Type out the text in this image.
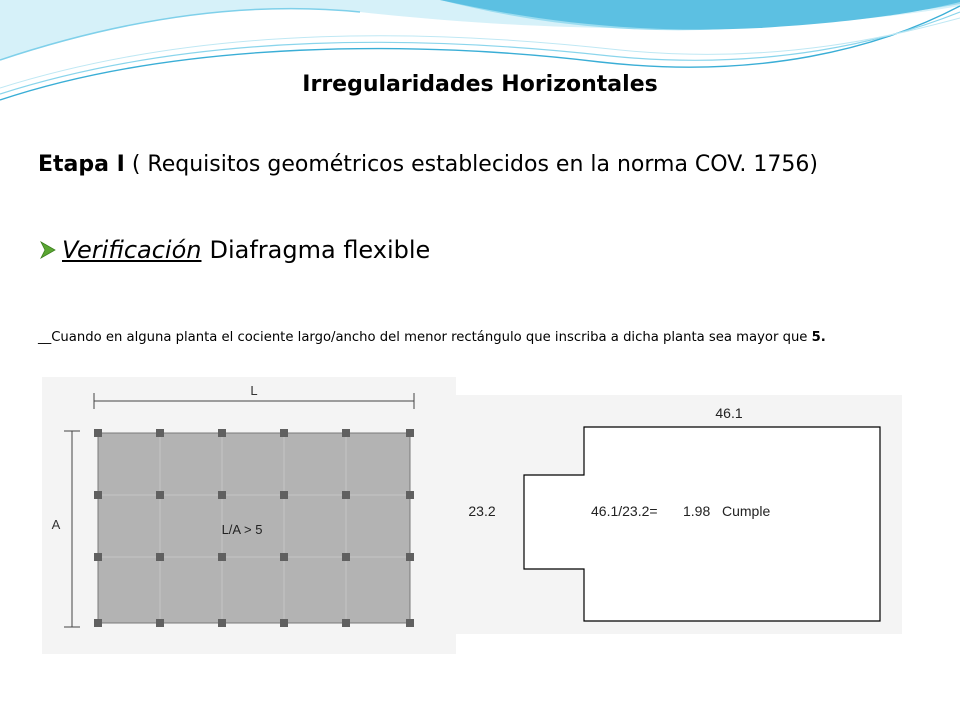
Irregularidades Horizontales

Etapa I ( Requisitos geométricos establecidos en la norma COV. 1756)

Verificación Diafragma flexible

__Cuando en alguna planta el cociente largo/ancho del menor rectángulo que inscriba a dicha planta sea mayor que 5.

L
A	L/A > 5
46.1
23.2	46.1/23.2= 1.98 Cumple
